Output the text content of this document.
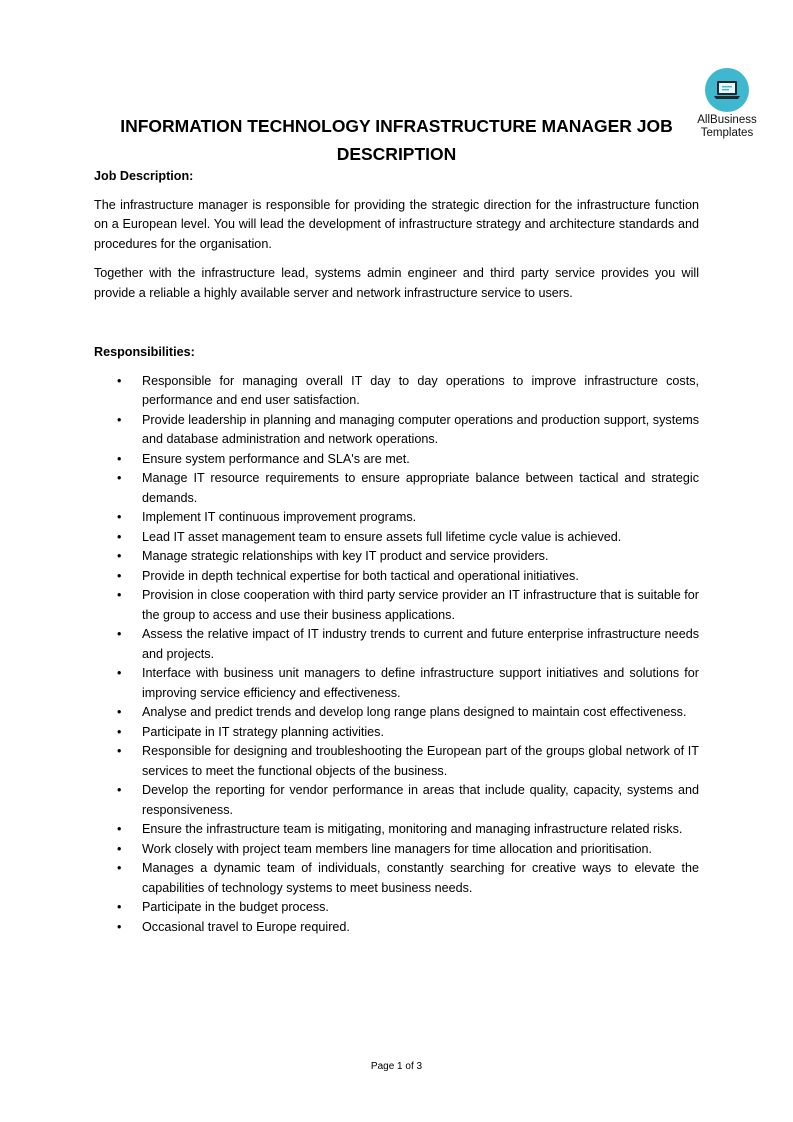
AllBusiness
Templates
INFORMATION TECHNOLOGY INFRASTRUCTURE MANAGER JOB DESCRIPTION

Job Description:

The infrastructure manager is responsible for providing the strategic direction for the infrastructure function on a European level. You will lead the development of infrastructure strategy and architecture standards and procedures for the organisation.

Together with the infrastructure lead, systems admin engineer and third party service provides you will provide a reliable a highly available server and network infrastructure service to users.

Responsibilities:

• Responsible for managing overall IT day to day operations to improve infrastructure costs, performance and end user satisfaction.
• Provide leadership in planning and managing computer operations and production support, systems and database administration and network operations.
• Ensure system performance and SLA's are met.
• Manage IT resource requirements to ensure appropriate balance between tactical and strategic demands.
• Implement IT continuous improvement programs.
• Lead IT asset management team to ensure assets full lifetime cycle value is achieved.
• Manage strategic relationships with key IT product and service providers.
• Provide in depth technical expertise for both tactical and operational initiatives.
• Provision in close cooperation with third party service provider an IT infrastructure that is suitable for the group to access and use their business applications.
• Assess the relative impact of IT industry trends to current and future enterprise infrastructure needs and projects.
• Interface with business unit managers to define infrastructure support initiatives and solutions for improving service efficiency and effectiveness.
• Analyse and predict trends and develop long range plans designed to maintain cost effectiveness.
• Participate in IT strategy planning activities.
• Responsible for designing and troubleshooting the European part of the groups global network of IT services to meet the functional objects of the business.
• Develop the reporting for vendor performance in areas that include quality, capacity, systems and responsiveness.
• Ensure the infrastructure team is mitigating, monitoring and managing infrastructure related risks.
• Work closely with project team members line managers for time allocation and prioritisation.
• Manages a dynamic team of individuals, constantly searching for creative ways to elevate the capabilities of technology systems to meet business needs.
• Participate in the budget process.
• Occasional travel to Europe required.
Page 1 of 3
